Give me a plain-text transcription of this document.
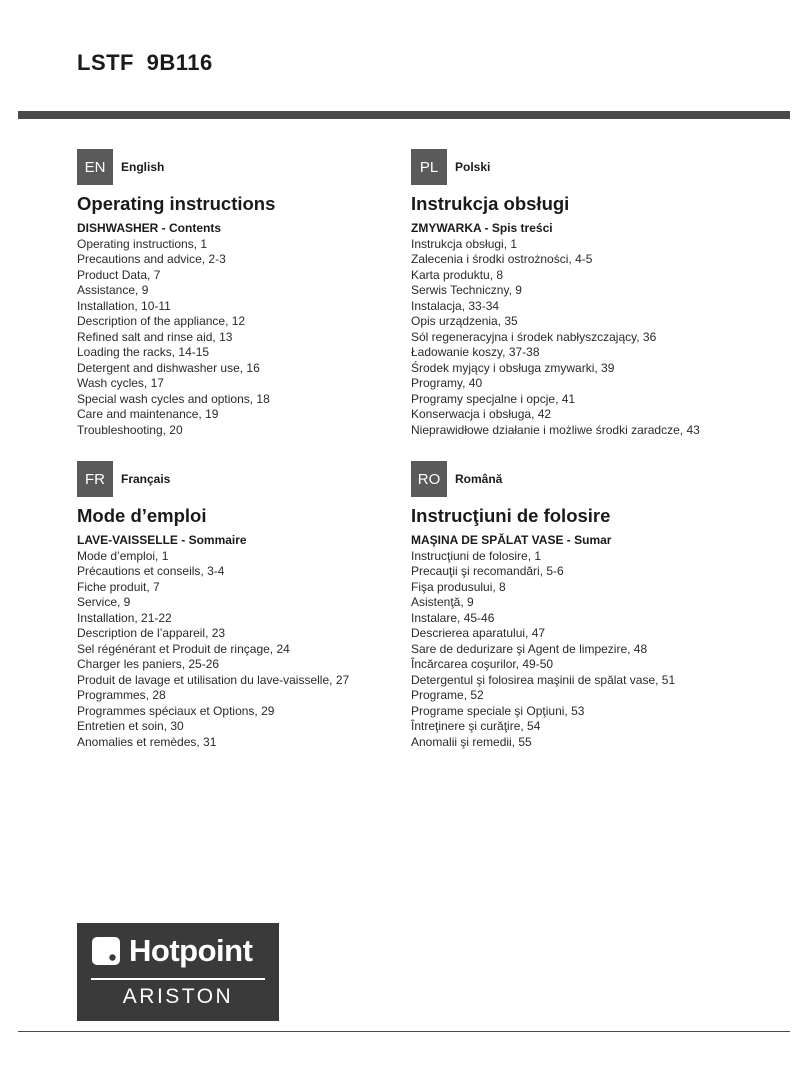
LSTF 9B116
EN	English
Operating instructions
DISHWASHER - Contents
Operating instructions, 1
Precautions and advice, 2-3
Product Data, 7
Assistance, 9
Installation, 10-11
Description of the appliance, 12
Refined salt and rinse aid, 13
Loading the racks, 14-15
Detergent and dishwasher use, 16
Wash cycles, 17
Special wash cycles and options, 18
Care and maintenance, 19
Troubleshooting, 20
PL	Polski
Instrukcja obsługi
ZMYWARKA - Spis treści
Instrukcja obsługi, 1
Zalecenia i środki ostrożności, 4-5
Karta produktu, 8
Serwis Techniczny, 9
Instalacja, 33-34
Opis urządzenia, 35
Sól regeneracyjna i środek nabłyszczający, 36
Ładowanie koszy, 37-38
Środek myjący i obsługa zmywarki, 39
Programy, 40
Programy specjalne i opcje, 41
Konserwacja i obsługa, 42
Nieprawidłowe działanie i możliwe środki zaradcze, 43
FR	Français
Mode d’emploi
LAVE-VAISSELLE - Sommaire
Mode d’emploi, 1
Précautions et conseils, 3-4
Fiche produit, 7
Service, 9
Installation, 21-22
Description de l’appareil, 23
Sel régénérant et Produit de rinçage, 24
Charger les paniers, 25-26
Produit de lavage et utilisation du lave-vaisselle, 27
Programmes, 28
Programmes spéciaux et Options, 29
Entretien et soin, 30
Anomalies et remèdes, 31
RO	Română
Instrucţiuni de folosire
MAŞINA DE SPĂLAT VASE - Sumar
Instrucţiuni de folosire, 1
Precauţii şi recomandări, 5-6
Fişa produsului, 8
Asistenţă, 9
Instalare, 45-46
Descrierea aparatului, 47
Sare de dedurizare şi Agent de limpezire, 48
Încărcarea coşurilor, 49-50
Detergentul şi folosirea maşinii de spălat vase, 51
Programe, 52
Programe speciale şi Opţiuni, 53
Întreţinere şi curăţire, 54
Anomalii şi remedii, 55
Hotpoint
ARISTON
